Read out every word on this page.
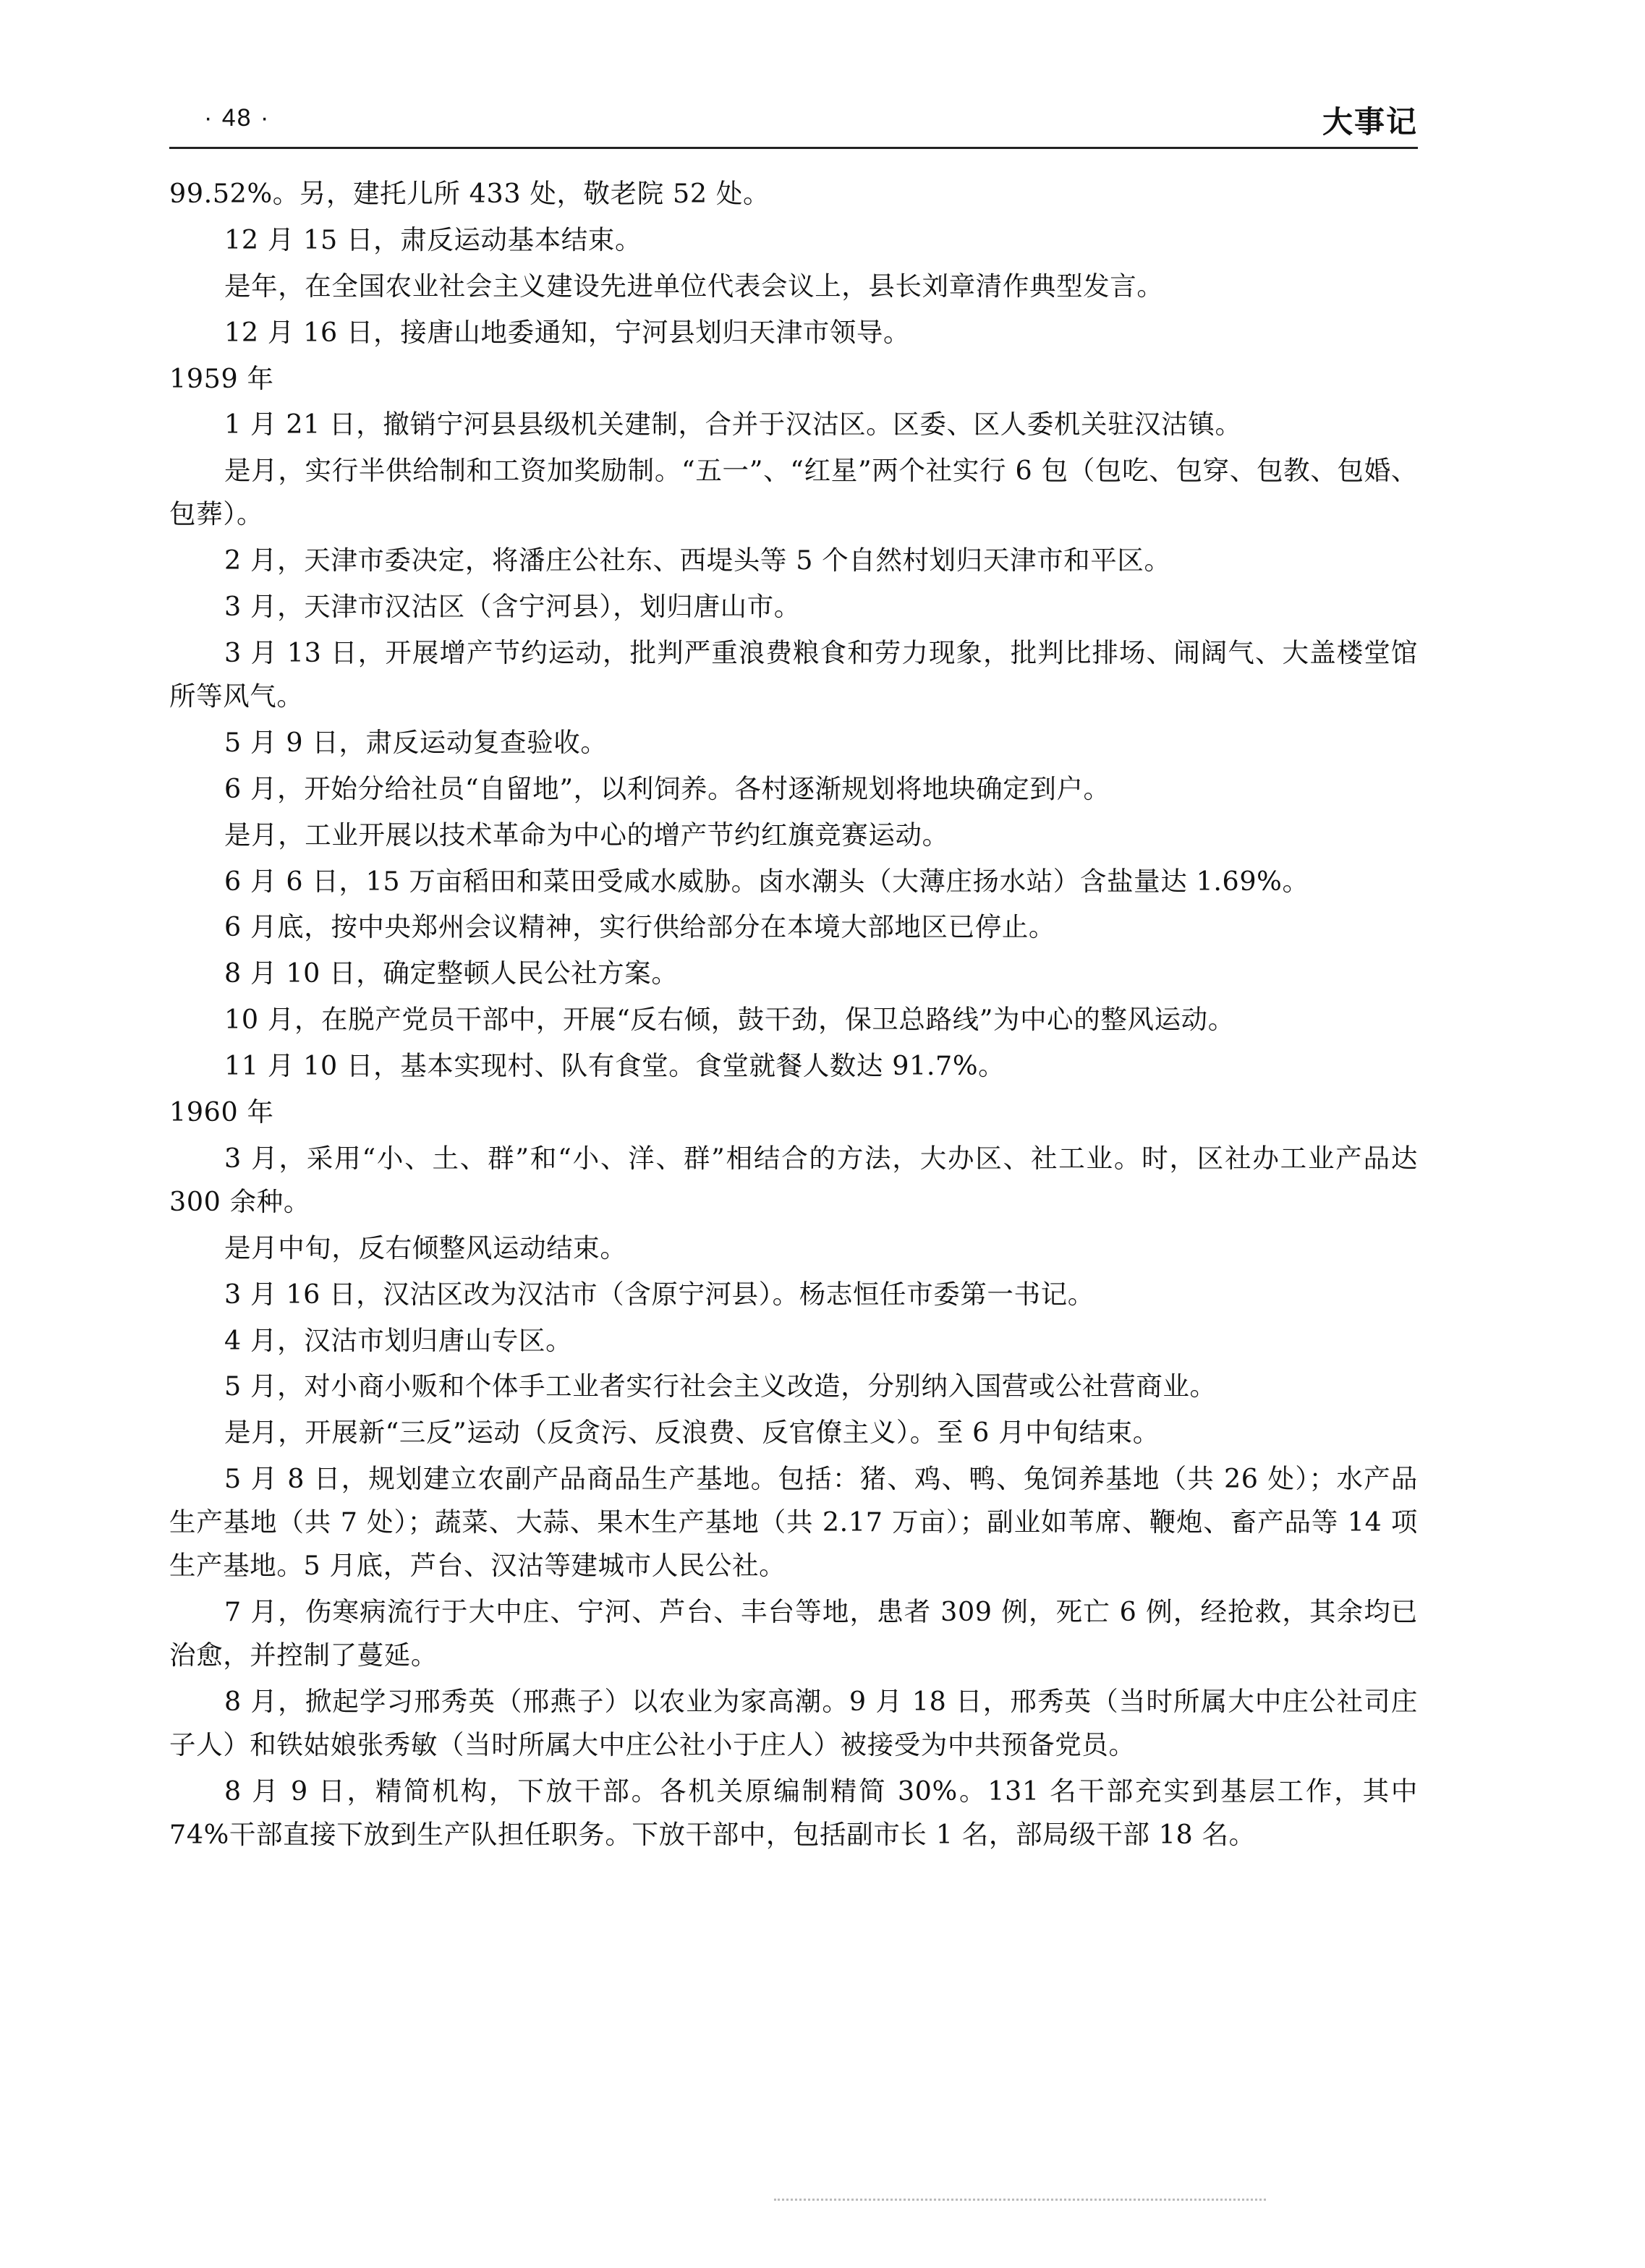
· 48 ·	大事记

99.52%。另，建托儿所 433 处，敬老院 52 处。

12 月 15 日，肃反运动基本结束。

是年，在全国农业社会主义建设先进单位代表会议上，县长刘章清作典型发言。

12 月 16 日，接唐山地委通知，宁河县划归天津市领导。

1959 年

1 月 21 日，撤销宁河县县级机关建制，合并于汉沽区。区委、区人委机关驻汉沽镇。

是月，实行半供给制和工资加奖励制。“五一”、“红星”两个社实行 6 包（包吃、包穿、包教、包婚、包葬）。

2 月，天津市委决定，将潘庄公社东、西堤头等 5 个自然村划归天津市和平区。

3 月，天津市汉沽区（含宁河县），划归唐山市。

3 月 13 日，开展增产节约运动，批判严重浪费粮食和劳力现象，批判比排场、闹阔气、大盖楼堂馆所等风气。

5 月 9 日，肃反运动复查验收。

6 月，开始分给社员“自留地”，以利饲养。各村逐渐规划将地块确定到户。

是月，工业开展以技术革命为中心的增产节约红旗竞赛运动。

6 月 6 日，15 万亩稻田和菜田受咸水威胁。卤水潮头（大薄庄扬水站）含盐量达 1.69%。

6 月底，按中央郑州会议精神，实行供给部分在本境大部地区已停止。

8 月 10 日，确定整顿人民公社方案。

10 月，在脱产党员干部中，开展“反右倾，鼓干劲，保卫总路线”为中心的整风运动。

11 月 10 日，基本实现村、队有食堂。食堂就餐人数达 91.7%。

1960 年

3 月，采用“小、土、群”和“小、洋、群”相结合的方法，大办区、社工业。时，区社办工业产品达 300 余种。

是月中旬，反右倾整风运动结束。

3 月 16 日，汉沽区改为汉沽市（含原宁河县）。杨志恒任市委第一书记。

4 月，汉沽市划归唐山专区。

5 月，对小商小贩和个体手工业者实行社会主义改造，分别纳入国营或公社营商业。

是月，开展新“三反”运动（反贪污、反浪费、反官僚主义）。至 6 月中旬结束。

5 月 8 日，规划建立农副产品商品生产基地。包括：猪、鸡、鸭、兔饲养基地（共 26 处）；水产品生产基地（共 7 处）；蔬菜、大蒜、果木生产基地（共 2.17 万亩）；副业如苇席、鞭炮、畜产品等 14 项生产基地。5 月底，芦台、汉沽等建城市人民公社。

7 月，伤寒病流行于大中庄、宁河、芦台、丰台等地，患者 309 例，死亡 6 例，经抢救，其余均已治愈，并控制了蔓延。

8 月，掀起学习邢秀英（邢燕子）以农业为家高潮。9 月 18 日，邢秀英（当时所属大中庄公社司庄子人）和铁姑娘张秀敏（当时所属大中庄公社小于庄人）被接受为中共预备党员。

8 月 9 日，精简机构，下放干部。各机关原编制精简 30%。131 名干部充实到基层工作，其中 74%干部直接下放到生产队担任职务。下放干部中，包括副市长 1 名，部局级干部 18 名。
